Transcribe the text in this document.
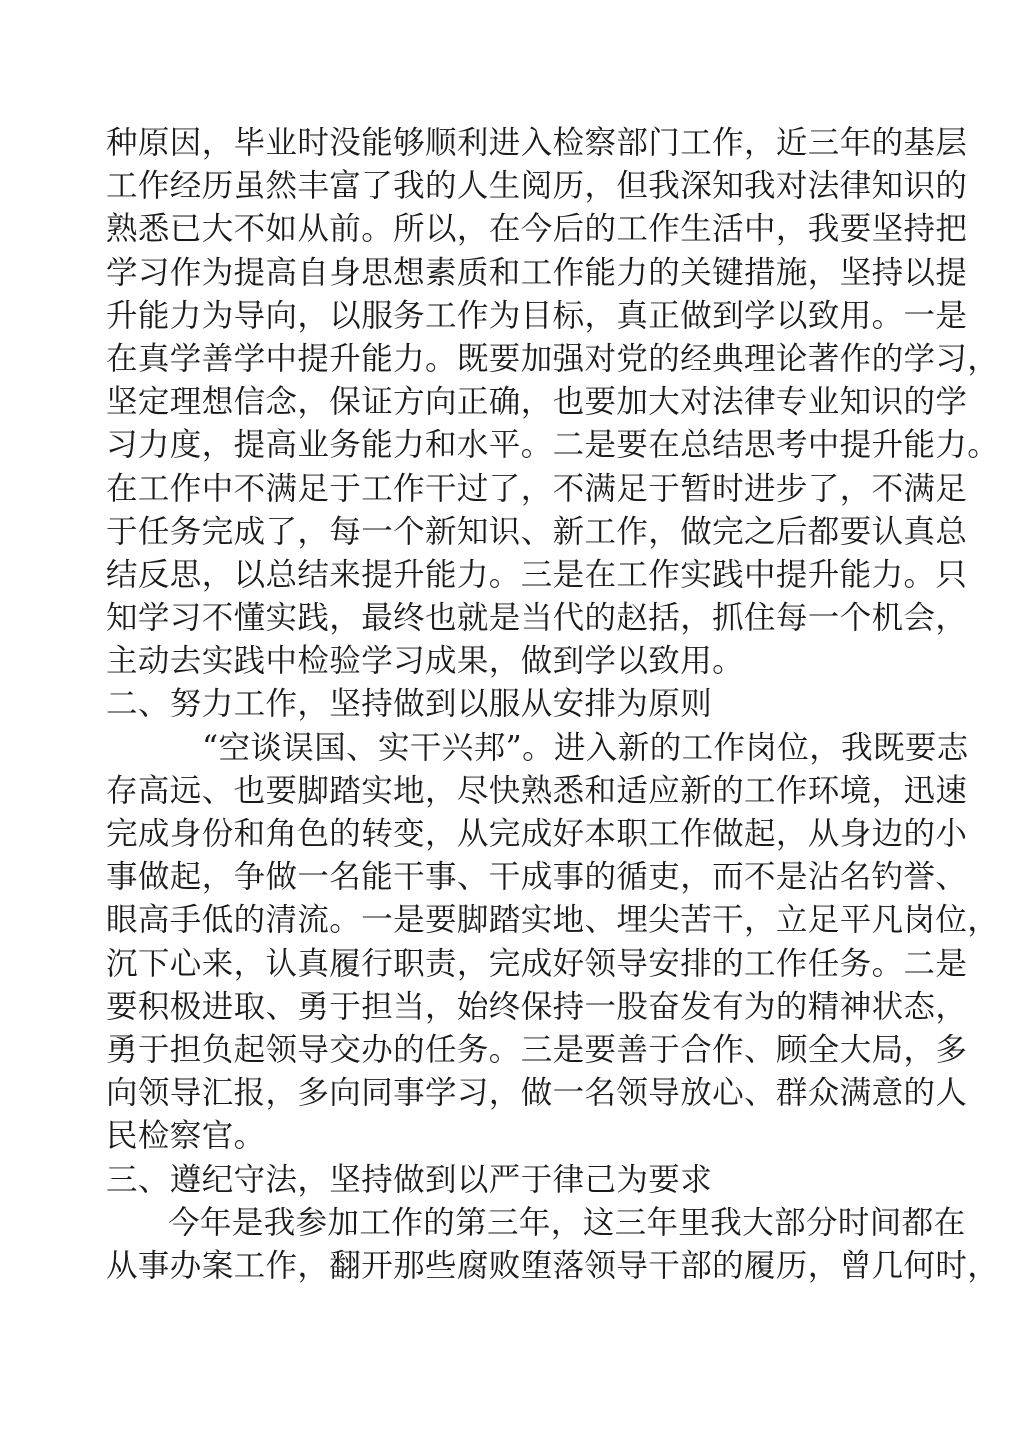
种原因，毕业时没能够顺利进入检察部门工作，近三年的基层
工作经历虽然丰富了我的人生阅历，但我深知我对法律知识的
熟悉已大不如从前。所以，在今后的工作生活中，我要坚持把
学习作为提高自身思想素质和工作能力的关键措施，坚持以提
升能力为导向，以服务工作为目标，真正做到学以致用。一是
在真学善学中提升能力。既要加强对党的经典理论著作的学习，
坚定理想信念，保证方向正确，也要加大对法律专业知识的学
习力度，提高业务能力和水平。二是要在总结思考中提升能力。
在工作中不满足于工作干过了，不满足于暂时进步了，不满足
于任务完成了，每一个新知识、新工作，做完之后都要认真总
结反思，以总结来提升能力。三是在工作实践中提升能力。只
知学习不懂实践，最终也就是当代的赵括，抓住每一个机会，
主动去实践中检验学习成果，做到学以致用。
二、努力工作，坚持做到以服从安排为原则
“空谈误国、实干兴邦”。进入新的工作岗位，我既要志
存高远、也要脚踏实地，尽快熟悉和适应新的工作环境，迅速
完成身份和角色的转变，从完成好本职工作做起，从身边的小
事做起，争做一名能干事、干成事的循吏，而不是沾名钓誉、
眼高手低的清流。一是要脚踏实地、埋尖苦干，立足平凡岗位，
沉下心来，认真履行职责，完成好领导安排的工作任务。二是
要积极进取、勇于担当，始终保持一股奋发有为的精神状态，
勇于担负起领导交办的任务。三是要善于合作、顾全大局，多
向领导汇报，多向同事学习，做一名领导放心、群众满意的人
民检察官。
三、遵纪守法，坚持做到以严于律己为要求
今年是我参加工作的第三年，这三年里我大部分时间都在
从事办案工作，翻开那些腐败堕落领导干部的履历，曾几何时，
